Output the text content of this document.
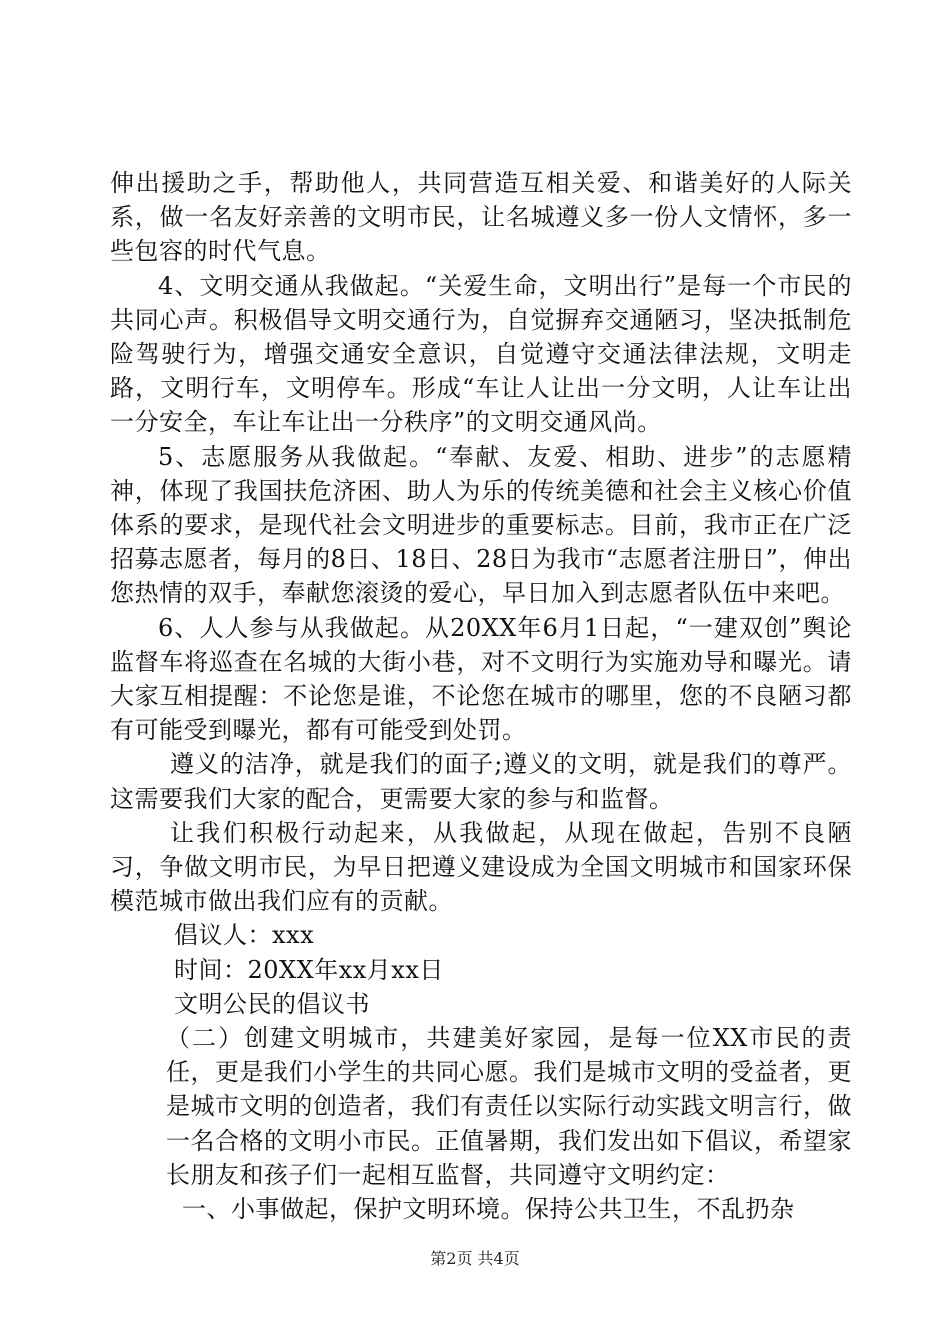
伸出援助之手，帮助他人，共同营造互相关爱、和谐美好的人际关系，做一名友好亲善的文明市民，让名城遵义多一份人文情怀，多一些包容的时代气息。

4、文明交通从我做起。“关爱生命，文明出行”是每一个市民的共同心声。积极倡导文明交通行为，自觉摒弃交通陋习，坚决抵制危险驾驶行为，增强交通安全意识，自觉遵守交通法律法规，文明走路，文明行车，文明停车。形成“车让人让出一分文明，人让车让出一分安全，车让车让出一分秩序”的文明交通风尚。

5、志愿服务从我做起。“奉献、友爱、相助、进步”的志愿精神，体现了我国扶危济困、助人为乐的传统美德和社会主义核心价值体系的要求，是现代社会文明进步的重要标志。目前，我市正在广泛招募志愿者，每月的8日、18日、28日为我市“志愿者注册日”，伸出您热情的双手，奉献您滚烫的爱心，早日加入到志愿者队伍中来吧。

6、人人参与从我做起。从20XX年6月1日起，“一建双创”舆论监督车将巡查在名城的大街小巷，对不文明行为实施劝导和曝光。请大家互相提醒：不论您是谁，不论您在城市的哪里，您的不良陋习都有可能受到曝光，都有可能受到处罚。

遵义的洁净，就是我们的面子;遵义的文明，就是我们的尊严。这需要我们大家的配合，更需要大家的参与和监督。

让我们积极行动起来，从我做起，从现在做起，告别不良陋习，争做文明市民，为早日把遵义建设成为全国文明城市和国家环保模范城市做出我们应有的贡献。

倡议人：xxx

时间：20XX年xx月xx日

文明公民的倡议书

（二）创建文明城市，共建美好家园，是每一位XX市民的责任，更是我们小学生的共同心愿。我们是城市文明的受益者，更是城市文明的创造者，我们有责任以实际行动实践文明言行，做一名合格的文明小市民。正值暑期，我们发出如下倡议，希望家长朋友和孩子们一起相互监督，共同遵守文明约定：

一、小事做起，保护文明环境。保持公共卫生，不乱扔杂

第2页 共4页
